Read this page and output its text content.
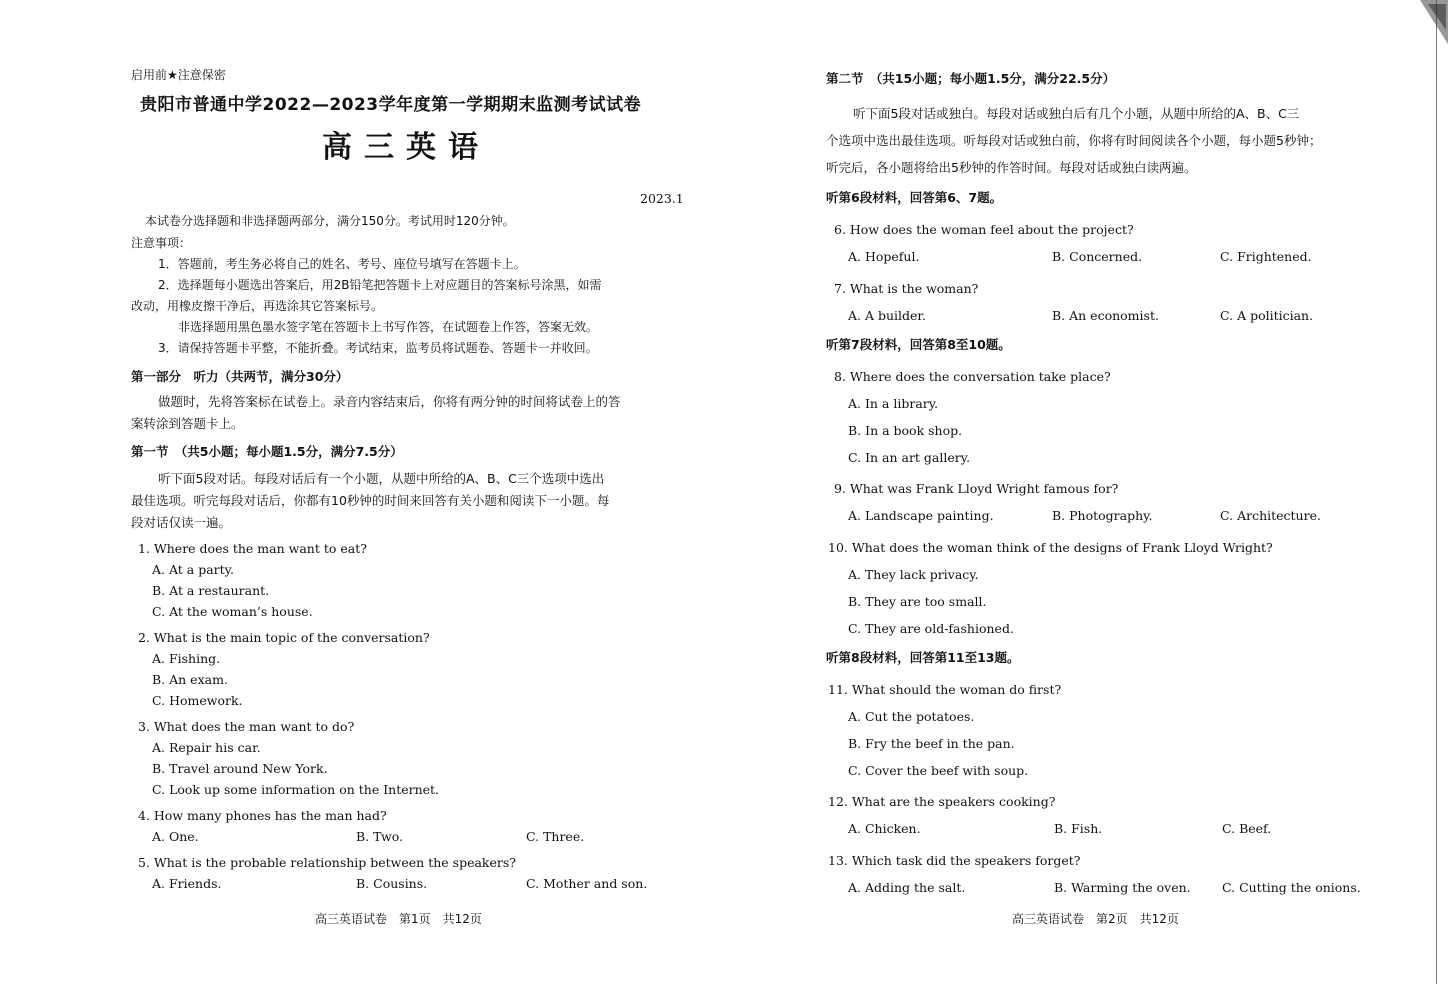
启用前★注意保密
贵阳市普通中学2022—2023学年度第一学期期末监测考试试卷
高三英语
2023.1
本试卷分选择题和非选择题两部分，满分150分。考试用时120分钟。
注意事项：
1．答题前，考生务必将自己的姓名、考号、座位号填写在答题卡上。
2．选择题每小题选出答案后，用2B铅笔把答题卡上对应题目的答案标号涂黑，如需
改动，用橡皮擦干净后，再选涂其它答案标号。
非选择题用黑色墨水签字笔在答题卡上书写作答，在试题卷上作答，答案无效。
3．请保持答题卡平整，不能折叠。考试结束，监考员将试题卷、答题卡一并收回。
第一部分　听力（共两节，满分30分）
做题时，先将答案标在试卷上。录音内容结束后，你将有两分钟的时间将试卷上的答
案转涂到答题卡上。
第一节　（共5小题；每小题1.5分，满分7.5分）
听下面5段对话。每段对话后有一个小题，从题中所给的A、B、C三个选项中选出
最佳选项。听完每段对话后，你都有10秒钟的时间来回答有关小题和阅读下一小题。每
段对话仅读一遍。
1. Where does the man want to eat?
A. At a party.
B. At a restaurant.
C. At the woman’s house.
2. What is the main topic of the conversation?
A. Fishing.
B. An exam.
C. Homework.
3. What does the man want to do?
A. Repair his car.
B. Travel around New York.
C. Look up some information on the Internet.
4. How many phones has the man had?
A. One.	B. Two.	C. Three.
5. What is the probable relationship between the speakers?
A. Friends.	B. Cousins.	C. Mother and son.
高三英语试卷　第1页　共12页
第二节　（共15小题；每小题1.5分，满分22.5分）
听下面5段对话或独白。每段对话或独白后有几个小题，从题中所给的A、B、C三
个选项中选出最佳选项。听每段对话或独白前，你将有时间阅读各个小题，每小题5秒钟；
听完后，各小题将给出5秒钟的作答时间。每段对话或独白读两遍。
听第6段材料，回答第6、7题。
6. How does the woman feel about the project?
A. Hopeful.	B. Concerned.	C. Frightened.
7. What is the woman?
A. A builder.	B. An economist.	C. A politician.
听第7段材料，回答第8至10题。
8. Where does the conversation take place?
A. In a library.
B. In a book shop.
C. In an art gallery.
9. What was Frank Lloyd Wright famous for?
A. Landscape painting.	B. Photography.	C. Architecture.
10. What does the woman think of the designs of Frank Lloyd Wright?
A. They lack privacy.
B. They are too small.
C. They are old-fashioned.
听第8段材料，回答第11至13题。
11. What should the woman do first?
A. Cut the potatoes.
B. Fry the beef in the pan.
C. Cover the beef with soup.
12. What are the speakers cooking?
A. Chicken.	B. Fish.	C. Beef.
13. Which task did the speakers forget?
A. Adding the salt.	B. Warming the oven.	C. Cutting the onions.
高三英语试卷　第2页　共12页
